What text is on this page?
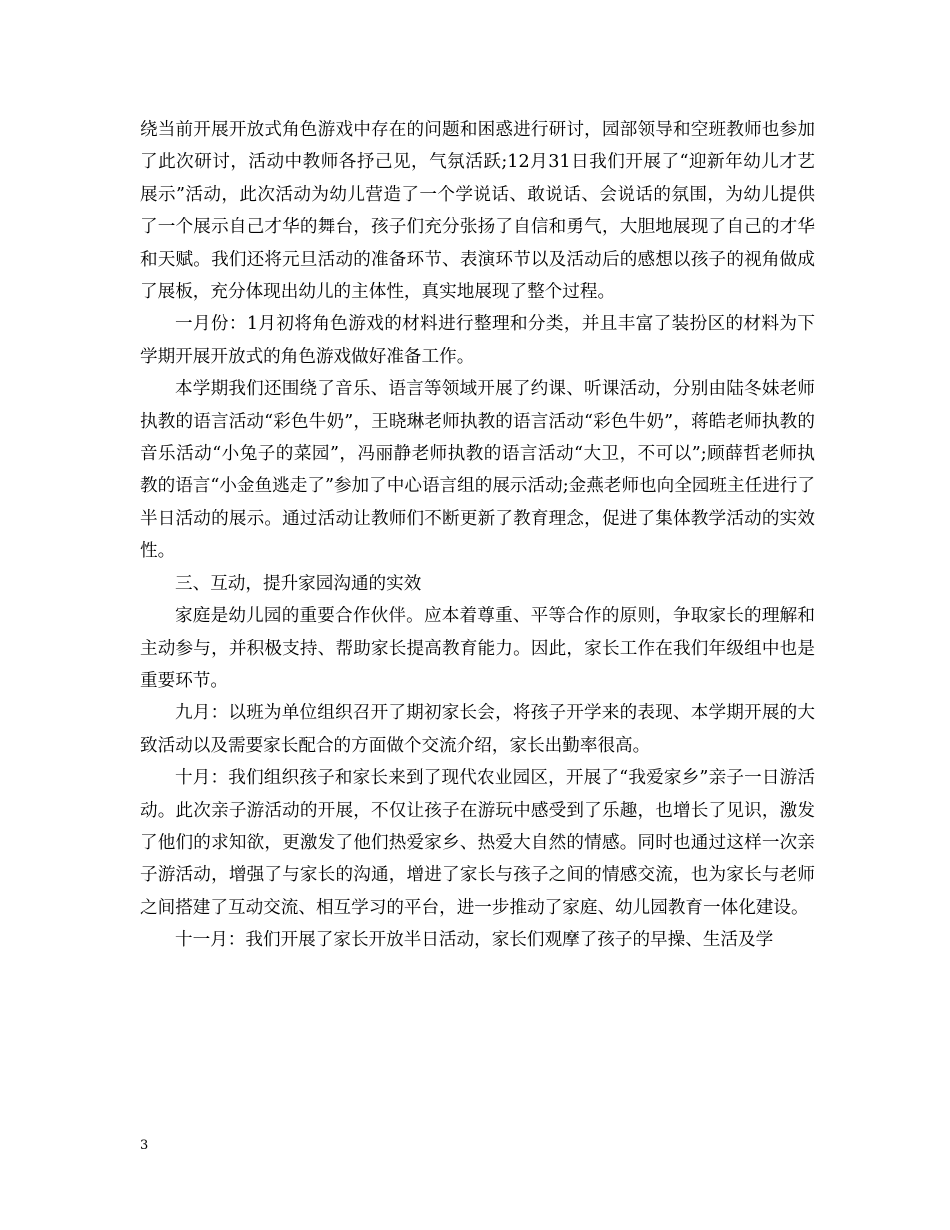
绕当前开展开放式角色游戏中存在的问题和困惑进行研讨，园部领导和空班教师也参加了此次研讨，活动中教师各抒己见，气氛活跃;12月31日我们开展了“迎新年幼儿才艺展示”活动，此次活动为幼儿营造了一个学说话、敢说话、会说话的氛围，为幼儿提供了一个展示自己才华的舞台，孩子们充分张扬了自信和勇气，大胆地展现了自己的才华和天赋。我们还将元旦活动的准备环节、表演环节以及活动后的感想以孩子的视角做成了展板，充分体现出幼儿的主体性，真实地展现了整个过程。

一月份：1月初将角色游戏的材料进行整理和分类，并且丰富了装扮区的材料为下学期开展开放式的角色游戏做好准备工作。

本学期我们还围绕了音乐、语言等领域开展了约课、听课活动，分别由陆冬妹老师执教的语言活动“彩色牛奶”，王晓琳老师执教的语言活动“彩色牛奶”，蒋皓老师执教的音乐活动“小兔子的菜园”，冯丽静老师执教的语言活动“大卫，不可以”;顾薛哲老师执教的语言“小金鱼逃走了”参加了中心语言组的展示活动;金燕老师也向全园班主任进行了半日活动的展示。通过活动让教师们不断更新了教育理念，促进了集体教学活动的实效性。

三、互动，提升家园沟通的实效

家庭是幼儿园的重要合作伙伴。应本着尊重、平等合作的原则，争取家长的理解和主动参与，并积极支持、帮助家长提高教育能力。因此，家长工作在我们年级组中也是重要环节。

九月：以班为单位组织召开了期初家长会，将孩子开学来的表现、本学期开展的大致活动以及需要家长配合的方面做个交流介绍，家长出勤率很高。

十月：我们组织孩子和家长来到了现代农业园区，开展了“我爱家乡”亲子一日游活动。此次亲子游活动的开展，不仅让孩子在游玩中感受到了乐趣，也增长了见识，激发了他们的求知欲，更激发了他们热爱家乡、热爱大自然的情感。同时也通过这样一次亲子游活动，增强了与家长的沟通，增进了家长与孩子之间的情感交流，也为家长与老师之间搭建了互动交流、相互学习的平台，进一步推动了家庭、幼儿园教育一体化建设。

十一月：我们开展了家长开放半日活动，家长们观摩了孩子的早操、生活及学

3
